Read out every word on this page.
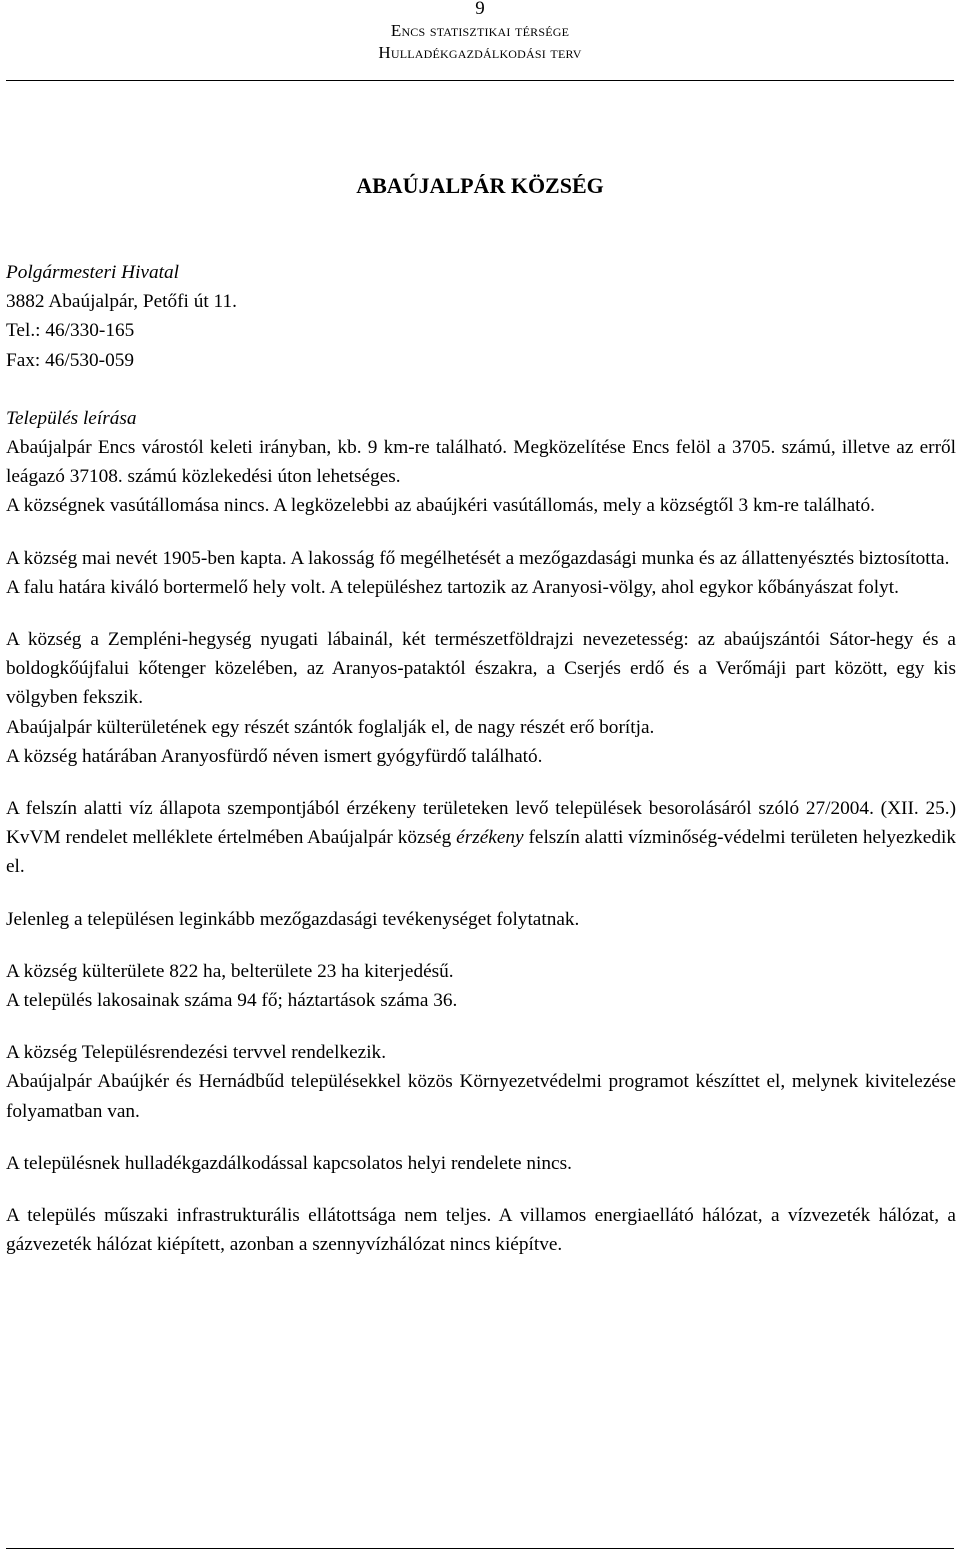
9
Encs statisztikai térsége
Hulladékgazdálkodási terv
ABAÚJALPÁR KÖZSÉG

Polgármesteri Hivatal

3882 Abaújalpár, Petőfi út 11.

Tel.: 46/330-165

Fax: 46/530-059

Település leírása

Abaújalpár Encs várostól keleti irányban, kb. 9 km-re található. Megközelítése Encs felöl a 3705. számú, illetve az erről leágazó 37108. számú közlekedési úton lehetséges.

A községnek vasútállomása nincs. A legközelebbi az abaújkéri vasútállomás, mely a községtől 3 km-re található.

A község mai nevét 1905-ben kapta. A lakosság fő megélhetését a mezőgazdasági munka és az állattenyésztés biztosította.

A falu határa kiváló bortermelő hely volt. A településhez tartozik az Aranyosi-völgy, ahol egykor kőbányászat folyt.

A község a Zempléni-hegység nyugati lábainál, két természetföldrajzi nevezetesség: az abaújszántói Sátor-hegy és a boldogkőújfalui kőtenger közelében, az Aranyos-pataktól északra, a Cserjés erdő és a Verőmáji part között, egy kis völgyben fekszik.

Abaújalpár külterületének egy részét szántók foglalják el, de nagy részét erő borítja.

A község határában Aranyosfürdő néven ismert gyógyfürdő található.

A felszín alatti víz állapota szempontjából érzékeny területeken levő települések besorolásáról szóló 27/2004. (XII. 25.) KvVM rendelet melléklete értelmében Abaújalpár község érzékeny felszín alatti vízminőség-védelmi területen helyezkedik el.

Jelenleg a településen leginkább mezőgazdasági tevékenységet folytatnak.

A község külterülete 822 ha, belterülete 23 ha kiterjedésű.

A település lakosainak száma 94 fő; háztartások száma 36.

A község Településrendezési tervvel rendelkezik.

Abaújalpár Abaújkér és Hernádbűd településekkel közös Környezetvédelmi programot készíttet el, melynek kivitelezése folyamatban van.

A településnek hulladékgazdálkodással kapcsolatos helyi rendelete nincs.

A település műszaki infrastrukturális ellátottsága nem teljes. A villamos energiaellátó hálózat, a vízvezeték hálózat, a gázvezeték hálózat kiépített, azonban a szennyvízhálózat nincs kiépítve.
